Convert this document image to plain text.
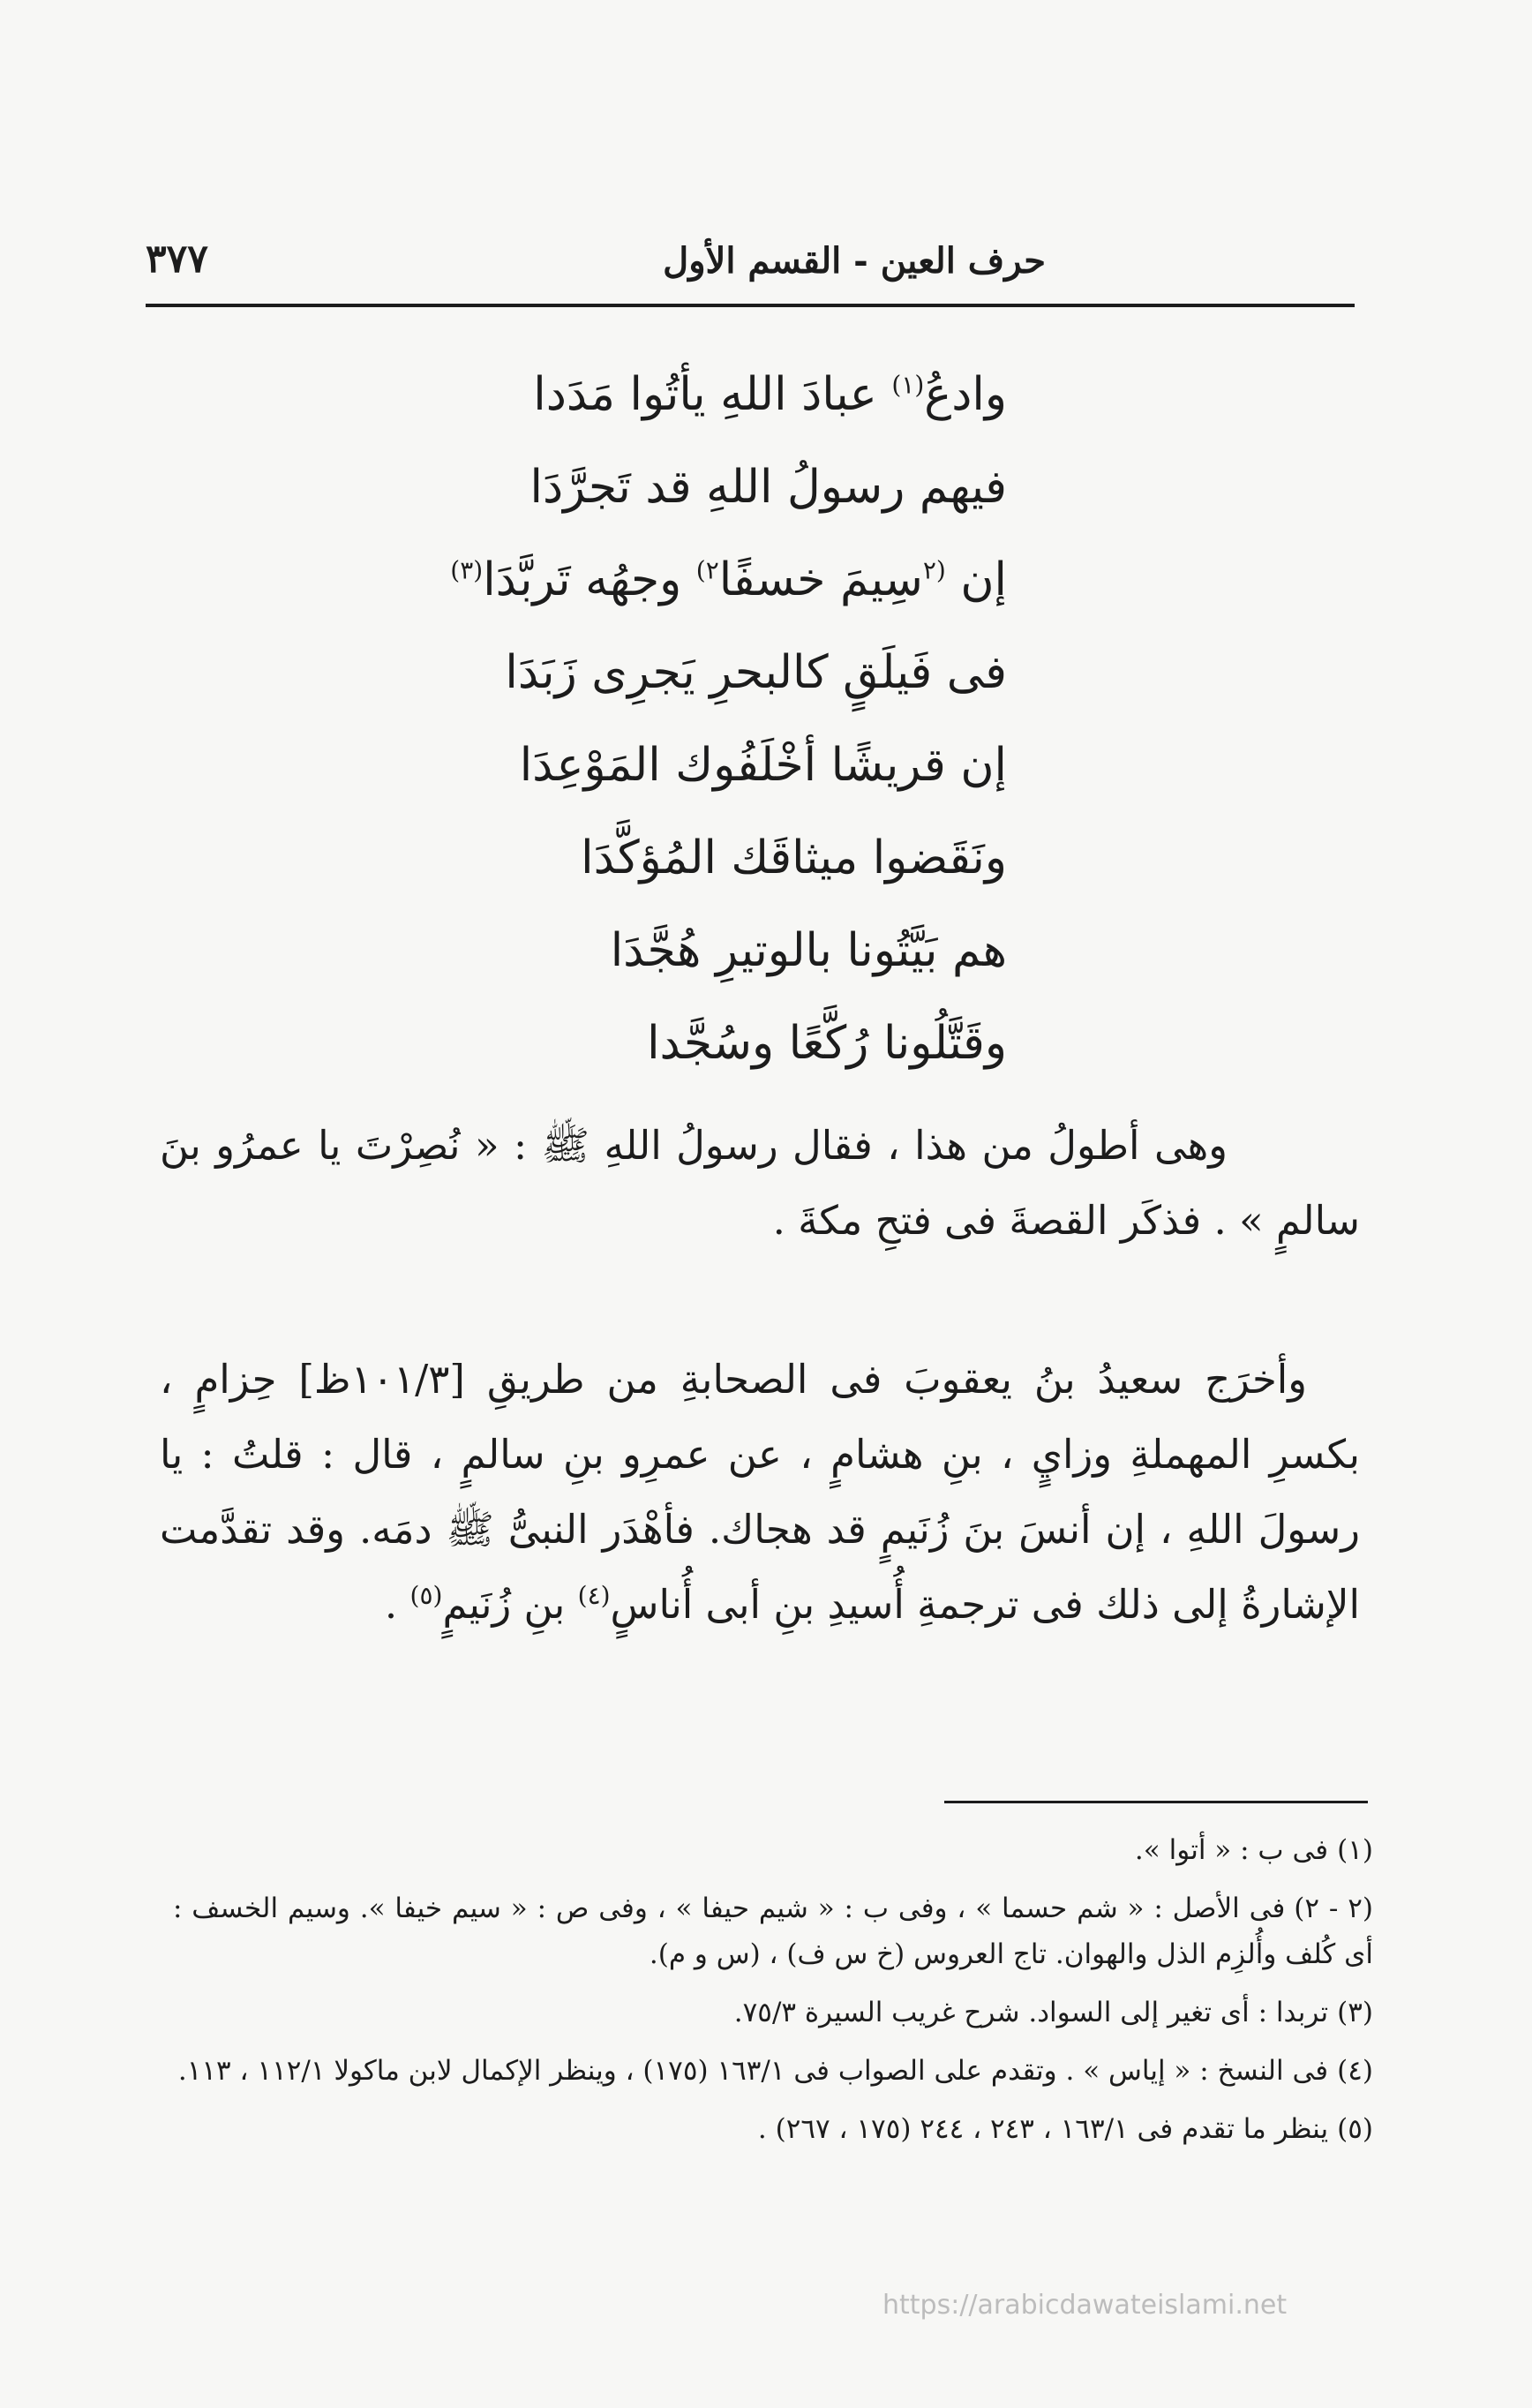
حرف العين - القسم الأول
٣٧٧
وادعُ$^{(١)}$ عبادَ اللهِ يأتُوا مَدَدا
فيهم رسولُ اللهِ قد تَجرَّدَا
إن $^{(٢}$سِيمَ خسفًا$^{٢)}$ وجهُه تَربَّدَا$^{(٣)}$
فى فَيلَقٍ كالبحرِ يَجرِى زَبَدَا
إن قريشًا أخْلَفُوك المَوْعِدَا
ونَقَضوا ميثاقَك المُؤكَّدَا
هم بَيَّتُونا بالوتيرِ هُجَّدَا
وقَتَّلُونا رُكَّعًا وسُجَّدا
وهى أطولُ من هذا ، فقال رسولُ اللهِ ﷺ : « نُصِرْتَ يا عمرُو بنَ سالمٍ » . فذكَر القصةَ فى فتحِ مكةَ .
وأخرَج سعيدُ بنُ يعقوبَ فى الصحابةِ من طريقِ [١٠١/٣ظ] حِزامٍ ، بكسرِ المهملةِ وزايٍ ، بنِ هشامٍ ، عن عمرِو بنِ سالمٍ ، قال : قلتُ : يا رسولَ اللهِ ، إن أنسَ بنَ زُنَيمٍ قد هجاك. فأهْدَر النبىُّ ﷺ دمَه. وقد تقدَّمت الإشارةُ إلى ذلك فى ترجمةِ أُسيدِ بنِ أبى أُناسٍ$^{(٤)}$ بنِ زُنَيمٍ$^{(٥)}$ .
(١)فى ب : « أتوا ».
(٢ - ٢)فى الأصل : « شم حسما » ، وفى ب : « شيم حيفا » ، وفى ص : « سيم خيفا ». وسيم الخسف : أى كُلف وأُلزِم الذل والهوان. تاج العروس (خ س ف) ، (س و م).
(٣)تربدا : أى تغير إلى السواد. شرح غريب السيرة ٧٥/٣.
(٤)فى النسخ : « إياس » . وتقدم على الصواب فى ١٦٣/١ (١٧٥) ، وينظر الإكمال لابن ماكولا ١١٢/١ ، ١١٣.
(٥)ينظر ما تقدم فى ١٦٣/١ ، ٢٤٣ ، ٢٤٤ (١٧٥ ، ٢٦٧) .
https://arabicdawateislami.net
